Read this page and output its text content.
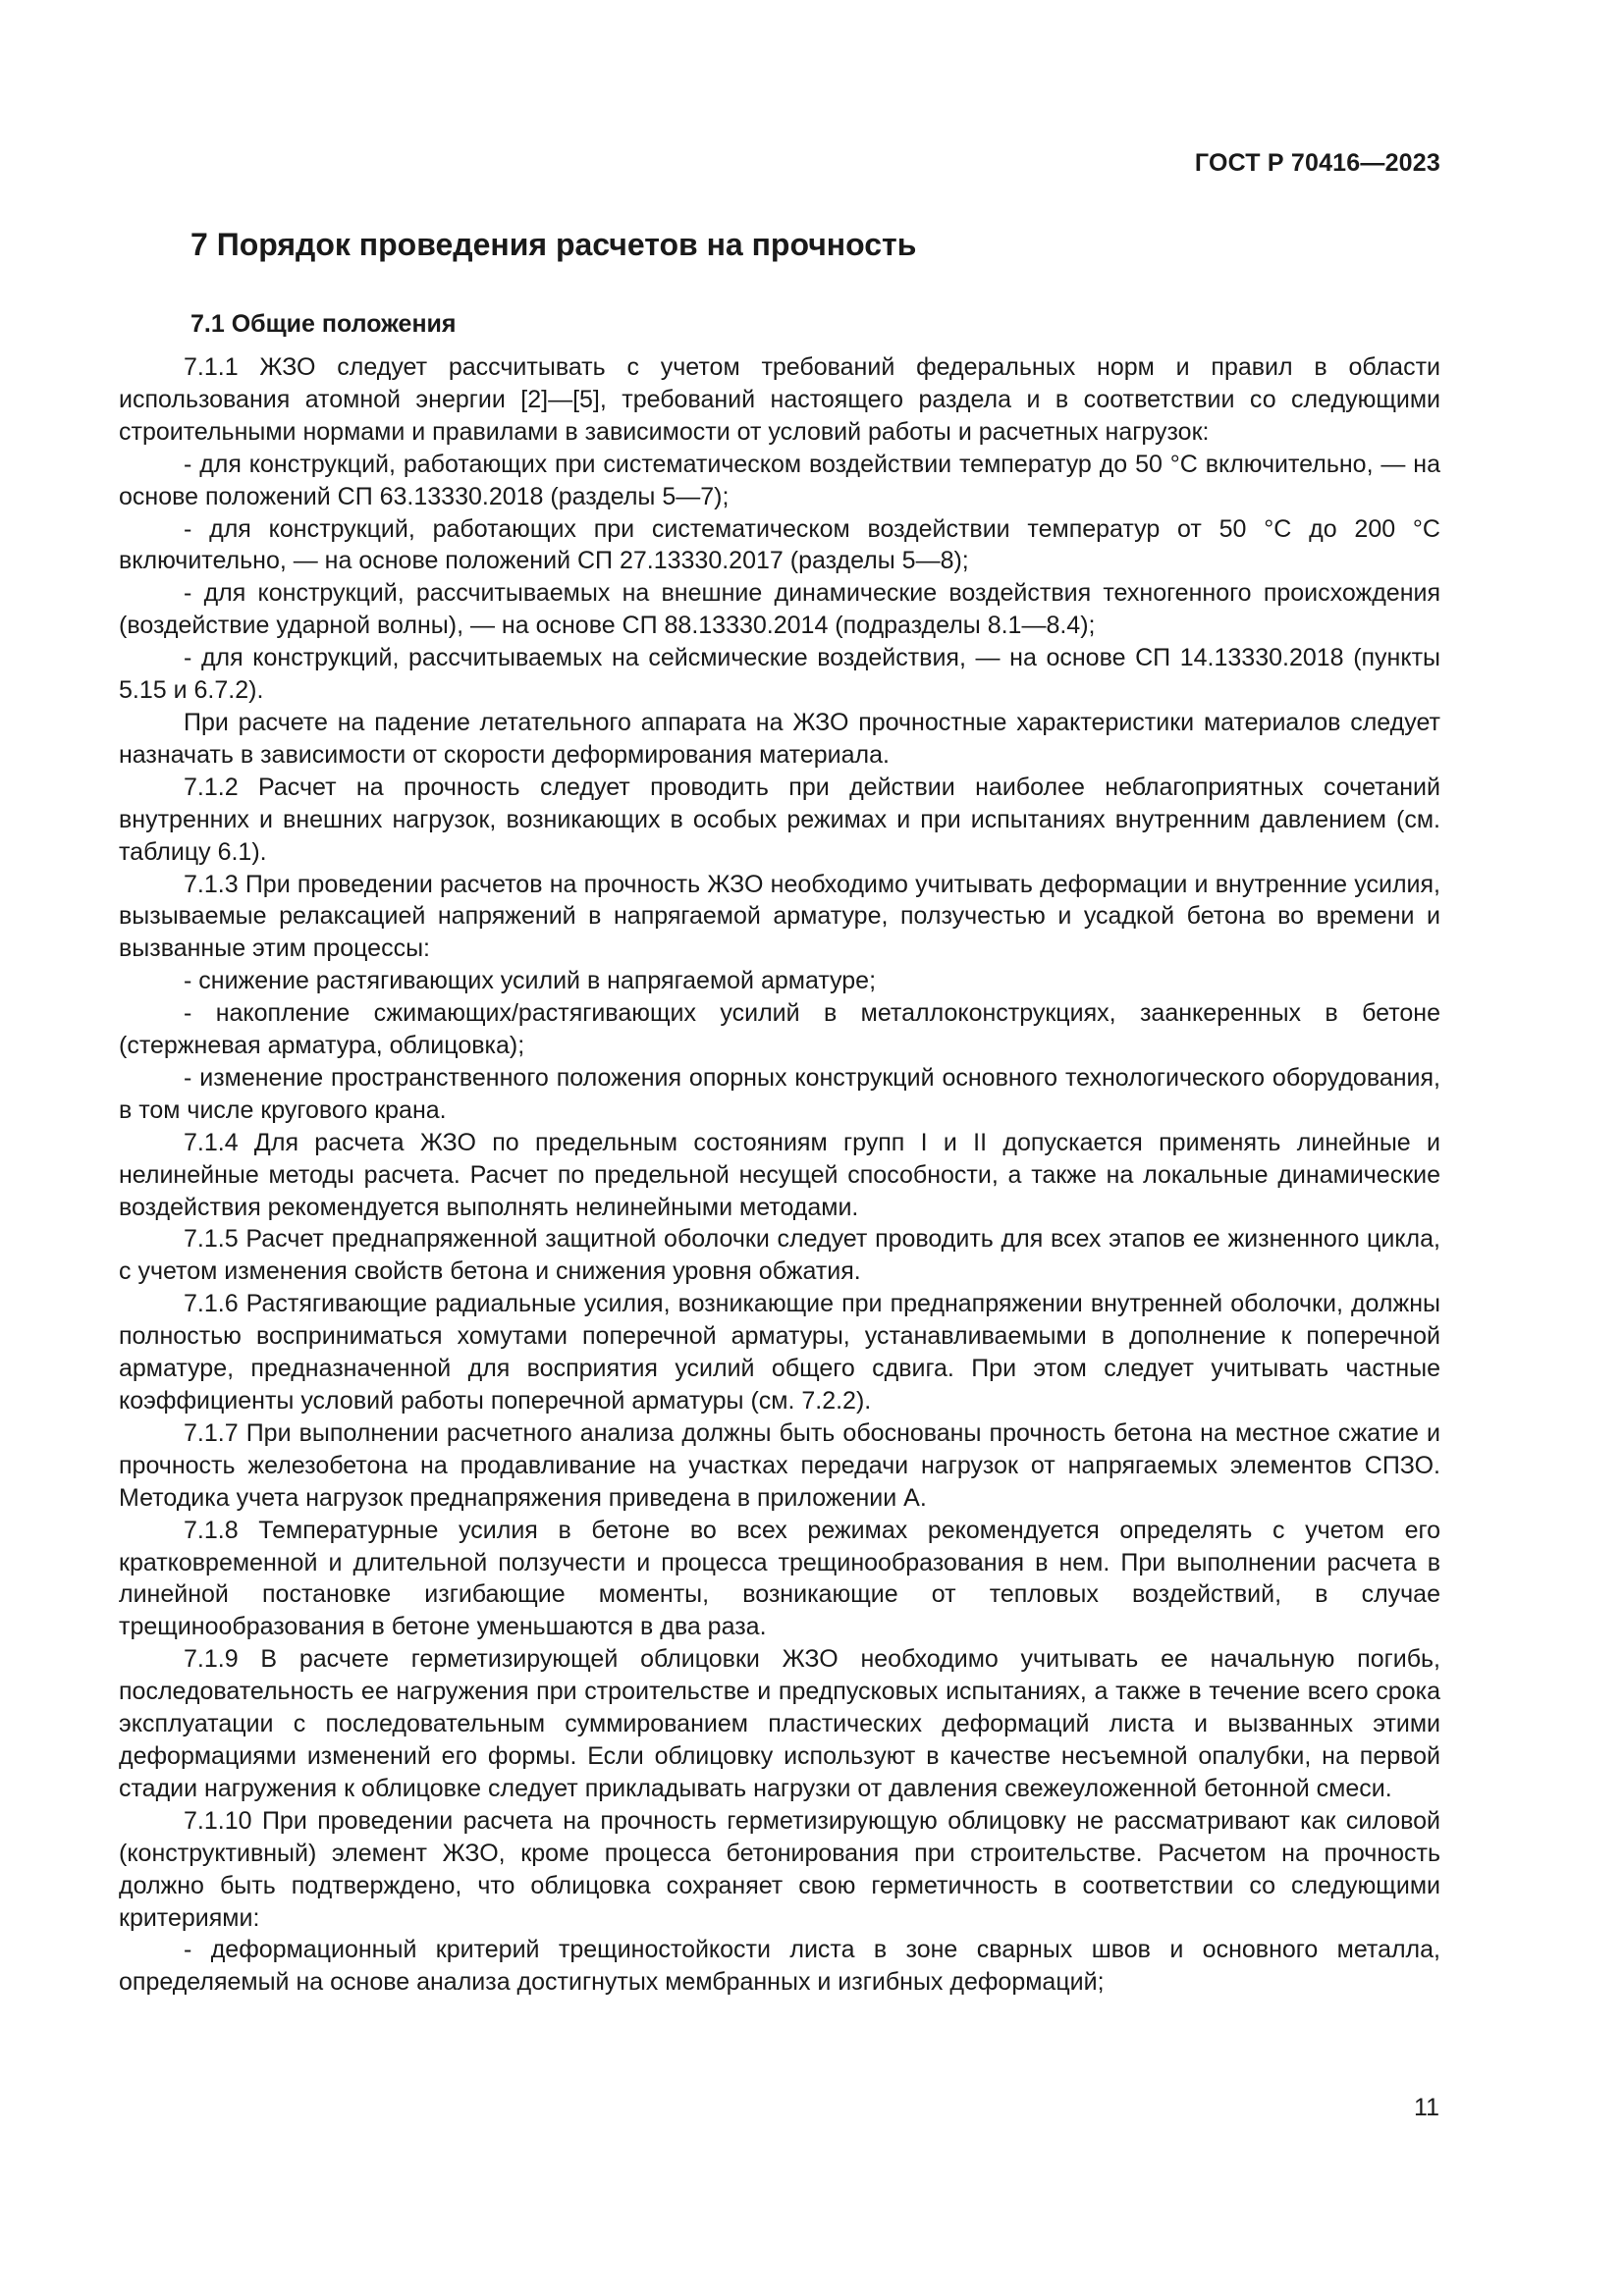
ГОСТ Р 70416—2023
7 Порядок проведения расчетов на прочность
7.1 Общие положения

7.1.1 ЖЗО следует рассчитывать с учетом требований федеральных норм и правил в области использования атомной энергии [2]—[5], требований настоящего раздела и в соответствии со следующими строительными нормами и правилами в зависимости от условий работы и расчетных нагрузок:

- для конструкций, работающих при систематическом воздействии температур до 50 °С включительно, — на основе положений СП 63.13330.2018 (разделы 5—7);

- для конструкций, работающих при систематическом воздействии температур от 50 °С до 200 °С включительно, — на основе положений СП 27.13330.2017 (разделы 5—8);

- для конструкций, рассчитываемых на внешние динамические воздействия техногенного происхождения (воздействие ударной волны), — на основе СП 88.13330.2014 (подразделы 8.1—8.4);

- для конструкций, рассчитываемых на сейсмические воздействия, — на основе СП 14.13330.2018 (пункты 5.15 и 6.7.2).

При расчете на падение летательного аппарата на ЖЗО прочностные характеристики материалов следует назначать в зависимости от скорости деформирования материала.

7.1.2 Расчет на прочность следует проводить при действии наиболее неблагоприятных сочетаний внутренних и внешних нагрузок, возникающих в особых режимах и при испытаниях внутренним давлением (см. таблицу 6.1).

7.1.3 При проведении расчетов на прочность ЖЗО необходимо учитывать деформации и внутренние усилия, вызываемые релаксацией напряжений в напрягаемой арматуре, ползучестью и усадкой бетона во времени и вызванные этим процессы:

- снижение растягивающих усилий в напрягаемой арматуре;

- накопление сжимающих/растягивающих усилий в металлоконструкциях, заанкеренных в бетоне (стержневая арматура, облицовка);

- изменение пространственного положения опорных конструкций основного технологического оборудования, в том числе кругового крана.

7.1.4 Для расчета ЖЗО по предельным состояниям групп I и II допускается применять линейные и нелинейные методы расчета. Расчет по предельной несущей способности, а также на локальные динамические воздействия рекомендуется выполнять нелинейными методами.

7.1.5 Расчет преднапряженной защитной оболочки следует проводить для всех этапов ее жизненного цикла, с учетом изменения свойств бетона и снижения уровня обжатия.

7.1.6 Растягивающие радиальные усилия, возникающие при преднапряжении внутренней оболочки, должны полностью восприниматься хомутами поперечной арматуры, устанавливаемыми в дополнение к поперечной арматуре, предназначенной для восприятия усилий общего сдвига. При этом следует учитывать частные коэффициенты условий работы поперечной арматуры (см. 7.2.2).

7.1.7 При выполнении расчетного анализа должны быть обоснованы прочность бетона на местное сжатие и прочность железобетона на продавливание на участках передачи нагрузок от напрягаемых элементов СПЗО. Методика учета нагрузок преднапряжения приведена в приложении А.

7.1.8 Температурные усилия в бетоне во всех режимах рекомендуется определять с учетом его кратковременной и длительной ползучести и процесса трещинообразования в нем. При выполнении расчета в линейной постановке изгибающие моменты, возникающие от тепловых воздействий, в случае трещинообразования в бетоне уменьшаются в два раза.

7.1.9 В расчете герметизирующей облицовки ЖЗО необходимо учитывать ее начальную погибь, последовательность ее нагружения при строительстве и предпусковых испытаниях, а также в течение всего срока эксплуатации с последовательным суммированием пластических деформаций листа и вызванных этими деформациями изменений его формы. Если облицовку используют в качестве несъемной опалубки, на первой стадии нагружения к облицовке следует прикладывать нагрузки от давления свежеуложенной бетонной смеси.

7.1.10 При проведении расчета на прочность герметизирующую облицовку не рассматривают как силовой (конструктивный) элемент ЖЗО, кроме процесса бетонирования при строительстве. Расчетом на прочность должно быть подтверждено, что облицовка сохраняет свою герметичность в соответствии со следующими критериями:

- деформационный критерий трещиностойкости листа в зоне сварных швов и основного металла, определяемый на основе анализа достигнутых мембранных и изгибных деформаций;

11
